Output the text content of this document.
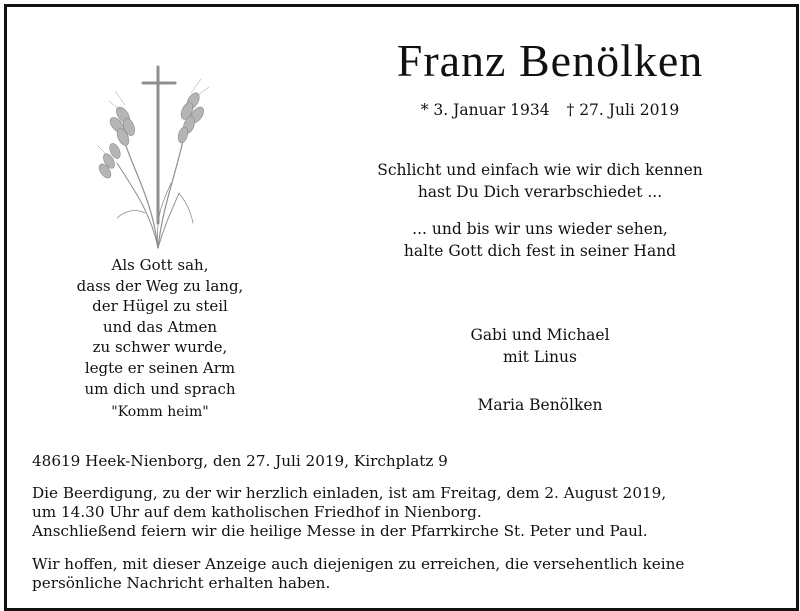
Franz Benölken
* 3. Januar 1934 † 27. Juli 2019
Schlicht und einfach wie wir dich kennen
hast Du Dich verarbschiedet ...
... und bis wir uns wieder sehen,
halte Gott dich fest in seiner Hand
Als Gott sah,
dass der Weg zu lang,
der Hügel zu steil
und das Atmen
zu schwer wurde,
legte er seinen Arm
um dich und sprach
"Komm heim"
Gabi und Michael
mit Linus
Maria Benölken
48619 Heek-Nienborg, den 27. Juli 2019, Kirchplatz 9
Die Beerdigung, zu der wir herzlich einladen, ist am Freitag, dem 2. August 2019,
um 14.30 Uhr auf dem katholischen Friedhof in Nienborg.
Anschließend feiern wir die heilige Messe in der Pfarrkirche St. Peter und Paul.
Wir hoffen, mit dieser Anzeige auch diejenigen zu erreichen, die versehentlich keine
persönliche Nachricht erhalten haben.
